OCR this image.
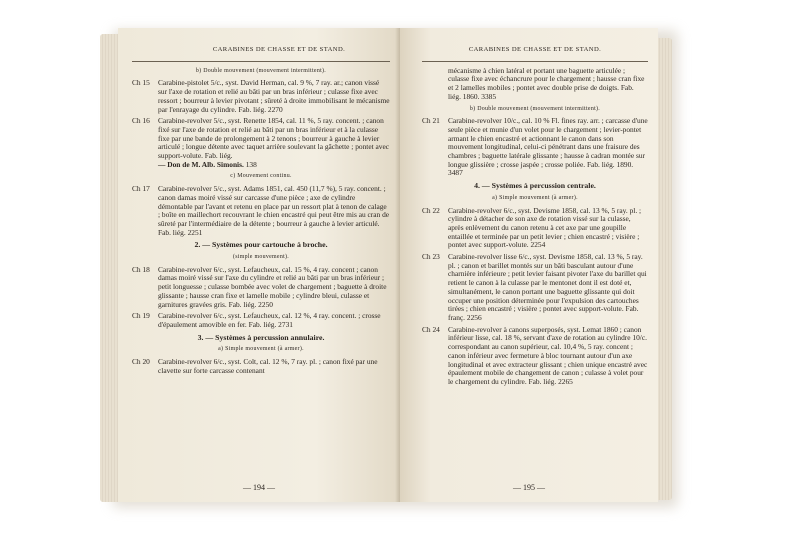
CARABINES DE CHASSE ET DE STAND.
b) Double mouvement (mouvement intermittent).
Ch 15	Carabine-pistolet 5/c., syst. David Herman, cal. 9 %, 7 ray. ar.; canon vissé sur l'axe de rotation et relié au bâti par un bras inférieur ; culasse fixe avec ressort ; bourreur à levier pivotant ; sûreté à droite immobilisant le mécanisme par l'enrayage du cylindre. Fab. liég. 2270
Ch 16	Carabine-revolver 5/c., syst. Renette 1854, cal. 11 %, 5 ray. concent. ; canon fixé sur l'axe de rotation et relié au bâti par un bras inférieur et à la culasse fixe par une bande de prolongement à 2 tenons ; bourreur à gauche à levier articulé ; longue détente avec taquet arrière soulevant la gâchette ; pontet avec support-volute. Fab. liég.
— Don de M. Alb. Simonis. 138
c) Mouvement continu.
Ch 17	Carabine-revolver 5/c., syst. Adams 1851, cal. 450 (11,7 %), 5 ray. concent. ; canon damas moiré vissé sur carcasse d'une pièce ; axe de cylindre démontable par l'avant et retenu en place par un ressort plat à tenon de calage ; boîte en maillechort recouvrant le chien encastré qui peut être mis au cran de sûreté par l'intermédiaire de la détente ; bourreur à gauche à levier articulé. Fab. liég. 2251
2. — Systèmes pour cartouche à broche.
(simple mouvement).
Ch 18	Carabine-revolver 6/c., syst. Lefaucheux, cal. 15 %, 4 ray. concent ; canon damas moiré vissé sur l'axe du cylindre et relié au bâti par un bras inférieur ; petit longuesse ; culasse bombée avec volet de chargement ; baguette à droite glissante ; hausse cran fixe et lamelle mobile ; cylindre bleui, culasse et garnitures gravées gris. Fab. liég. 2250
Ch 19	Carabine-revolver 6/c., syst. Lefaucheux, cal. 12 %, 4 ray. concent. ; crosse d'épaulement amovible en fer. Fab. liég. 2731
3. — Systèmes à percussion annulaire.
a) Simple mouvement (à armer).
Ch 20	Carabine-revolver 6/c., syst. Colt, cal. 12 %, 7 ray. pl. ; canon fixé par une clavette sur forte carcasse contenant
— 194 —
CARABINES DE CHASSE ET DE STAND.
mécanisme à chien latéral et portant une baguette articulée ; culasse fixe avec échancrure pour le chargement ; hausse cran fixe et 2 lamelles mobiles ; pontet avec double prise de doigts. Fab. liég. 1860. 3385
b) Double mouvement (mouvement intermittent).
Ch 21	Carabine-revolver 10/c., cal. 10 % Fl. fines ray. arr. ; carcasse d'une seule pièce et munie d'un volet pour le chargement ; levier-pontet armant le chien encastré et actionnant le canon dans son mouvement longitudinal, celui-ci pénétrant dans une fraisure des chambres ; baguette latérale glissante ; hausse à cadran montée sur longue glissière ; crosse jaspée ; crosse poliée. Fab. liég. 1890. 3487
4. — Systèmes à percussion centrale.
a) Simple mouvement (à armer).
Ch 22	Carabine-revolver 6/c., syst. Devisme 1858, cal. 13 %, 5 ray. pl. ; cylindre à détacher de son axe de rotation vissé sur la culasse, après enlèvement du canon retenu à cet axe par une goupille entaillée et terminée par un petit levier ; chien encastré ; visière ; pontet avec support-volute. 2254
Ch 23	Carabine-revolver lisse 6/c., syst. Devisme 1858, cal. 13 %, 5 ray. pl. ; canon et barillet montés sur un bâti basculant autour d'une charnière inférieure ; petit levier faisant pivoter l'axe du barillet qui retient le canon à la culasse par le mentonet dont il est doté et, simultanément, le canon portant une baguette glissante qui doit occuper une position déterminée pour l'expulsion des cartouches tirées ; chien encastré ; visière ; pontet avec support-volute. Fab. franç. 2256
Ch 24	Carabine-revolver à canons superposés, syst. Lemat 1860 ; canon inférieur lisse, cal. 18 %, servant d'axe de rotation au cylindre 10/c. correspondant au canon supérieur, cal. 10,4 %, 5 ray. concent ; canon inférieur avec fermeture à bloc tournant autour d'un axe longitudinal et avec extracteur glissant ; chien unique encastré avec épaulement mobile de changement de canon ; culasse à volet pour le chargement du cylindre. Fab. liég. 2265
— 195 —
